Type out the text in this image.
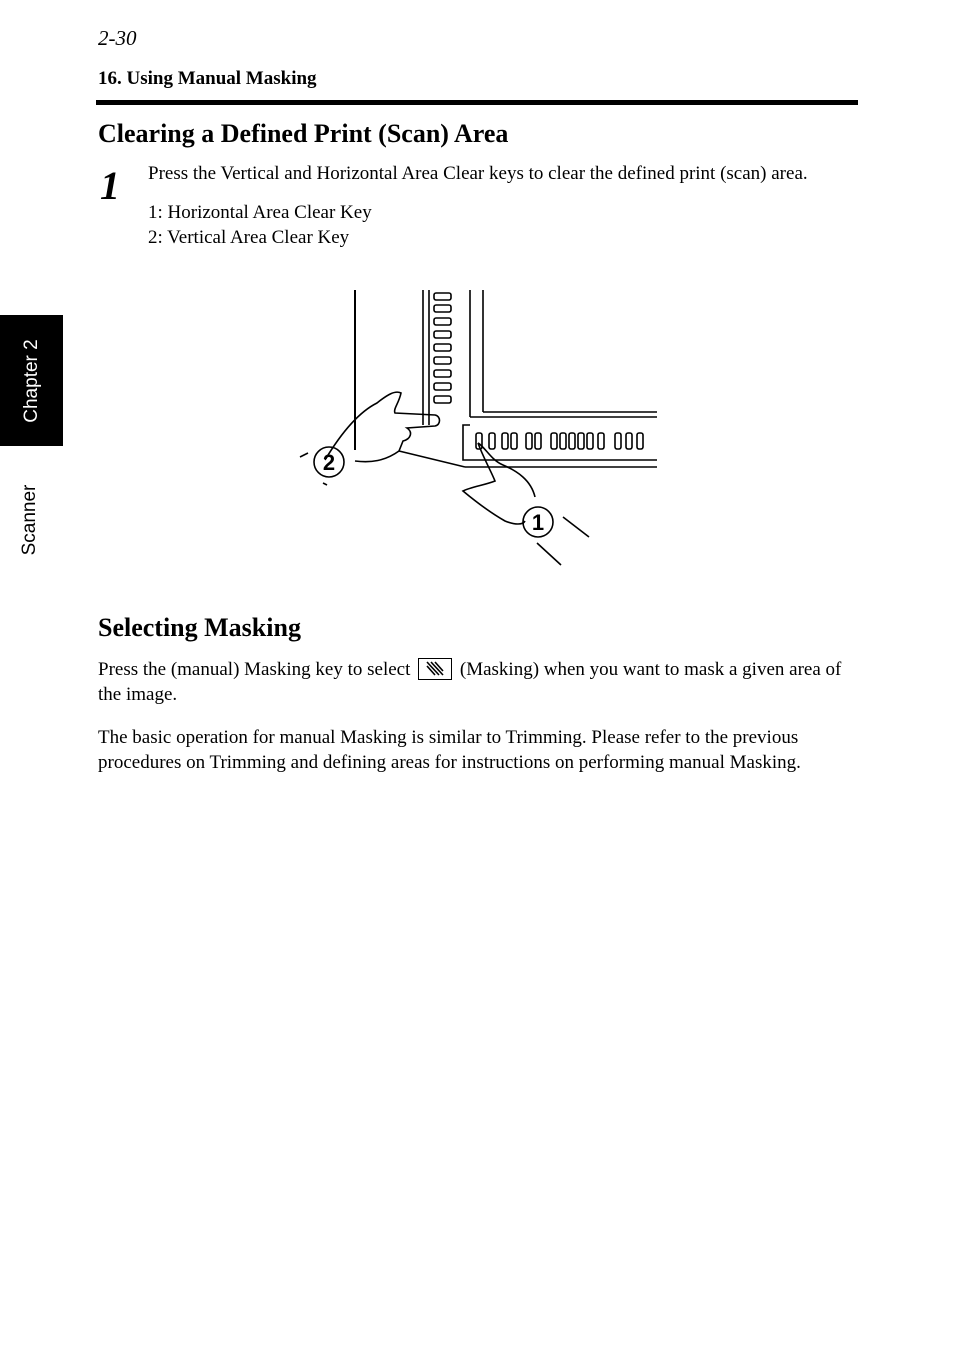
2-30
16. Using Manual Masking
Chapter 2
Scanner
Clearing a Defined Print (Scan) Area
1 Press the Vertical and Horizontal Area Clear keys to clear the defined print (scan) area.
1: Horizontal Area Clear Key
2: Vertical Area Clear Key
2
1
Selecting Masking

Press the (manual) Masking key to select	(Masking) when you want to mask a given area of the image.

The basic operation for manual Masking is similar to Trimming. Please refer to the previous procedures on Trimming and defining areas for instructions on performing manual Masking.
